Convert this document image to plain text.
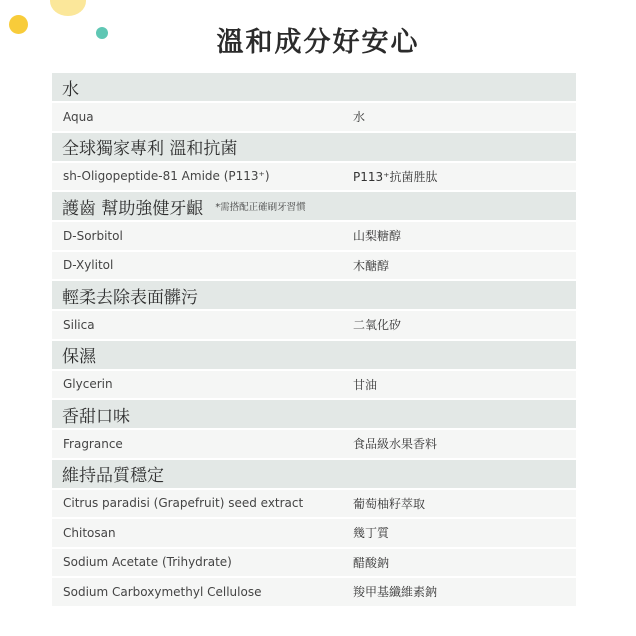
溫和成分好安心
水
Aqua	水
全球獨家專利 溫和抗菌
sh-Oligopeptide-81 Amide (P113⁺)	P113⁺抗菌胜肽
護齒 幫助強健牙齦 *需搭配正確刷牙習慣
D-Sorbitol	山梨糖醇
D-Xylitol	木醣醇
輕柔去除表面髒污
Silica	二氧化矽
保濕
Glycerin	甘油
香甜口味
Fragrance	食品級水果香料
維持品質穩定
Citrus paradisi (Grapefruit) seed extract	葡萄柚籽萃取
Chitosan	幾丁質
Sodium Acetate (Trihydrate)	醋酸鈉
Sodium Carboxymethyl Cellulose	羧甲基纖維素鈉
